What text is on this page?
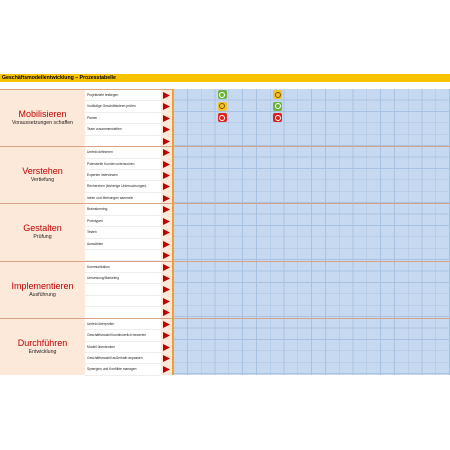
Geschäftsmodellentwicklung – Prozesstabelle
Mobilisieren
Voraussetzungen schaffen
Projektziele festlegen
Vorläufige Geschäftsideen prüfen
Planen
Team zusammenstellen
Verstehen
Vertiefung
Umfeld definieren
Potenzielle Kunden untersuchen
Experten interviewen
Recherchen (bisherige Untersuchungen)
Ideen und Meinungen sammeln
Gestalten
Prüfung
Brainstorming
Prototypen
Testen
Auswählen
Implementieren
Ausführung
Kommunikation
Umsetzung/Marketing
Durchführen
Entwicklung
Umfeld überprüfen
Geschäftsmodell kontinuierlich bewerten
Modell überdenken
Geschäftsmodell außerhalb anpassen
Synergien und Konflikte managen
